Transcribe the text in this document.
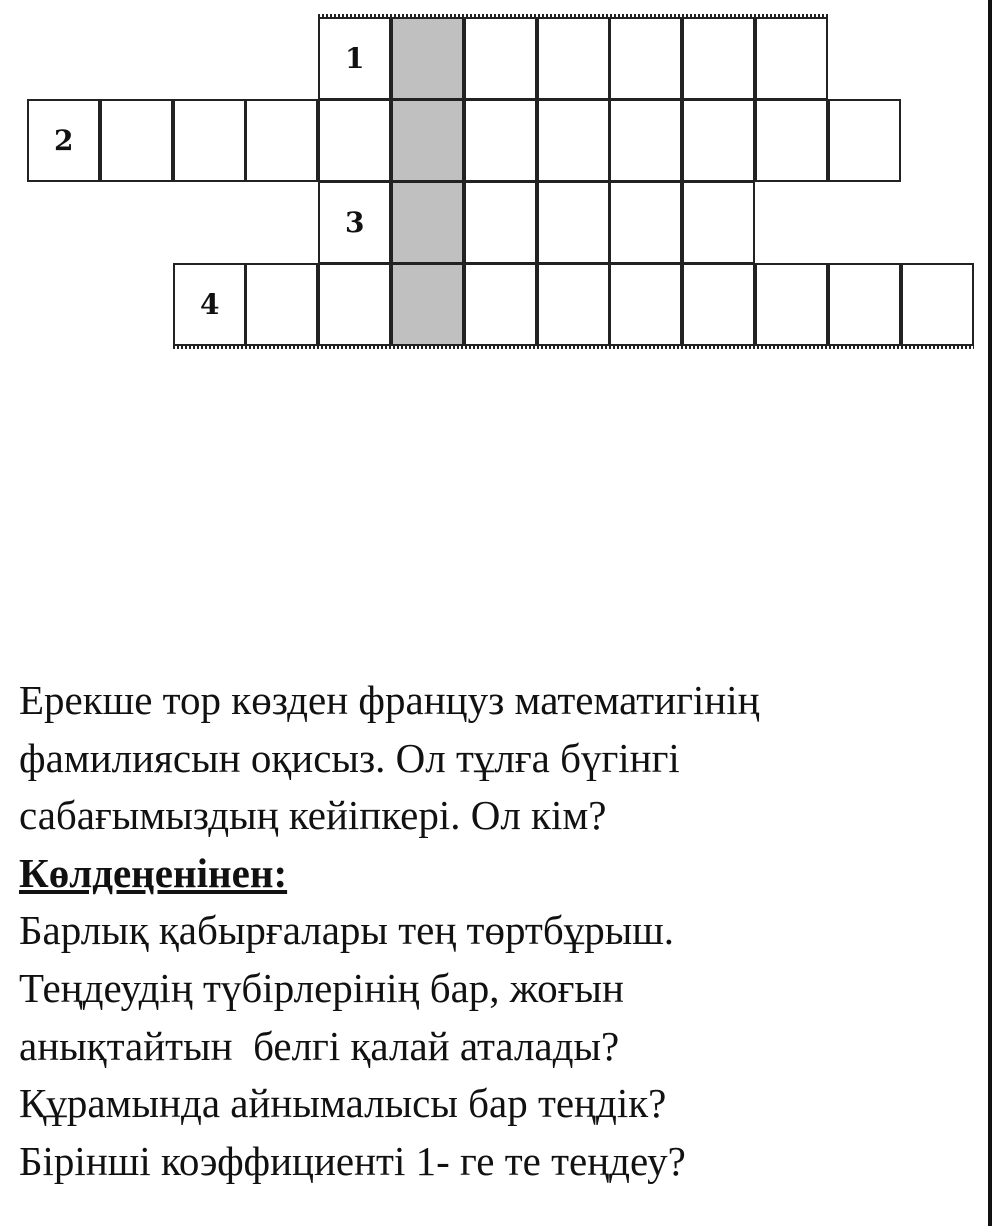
1
2
3
4
Ерекше тор көзден француз математигінің
фамилиясын оқисыз. Ол тұлға бүгінгі
сабағымыздың кейіпкері. Ол кім?
Көлдеңенінен:
Барлық қабырғалары тең төртбұрыш.
Теңдеудің түбірлерінің бар, жоғын
анықтайтын  белгі қалай аталады?
Құрамында айнымалысы бар теңдік?
Бірінші коэффициенті 1- ге те теңдеу?
